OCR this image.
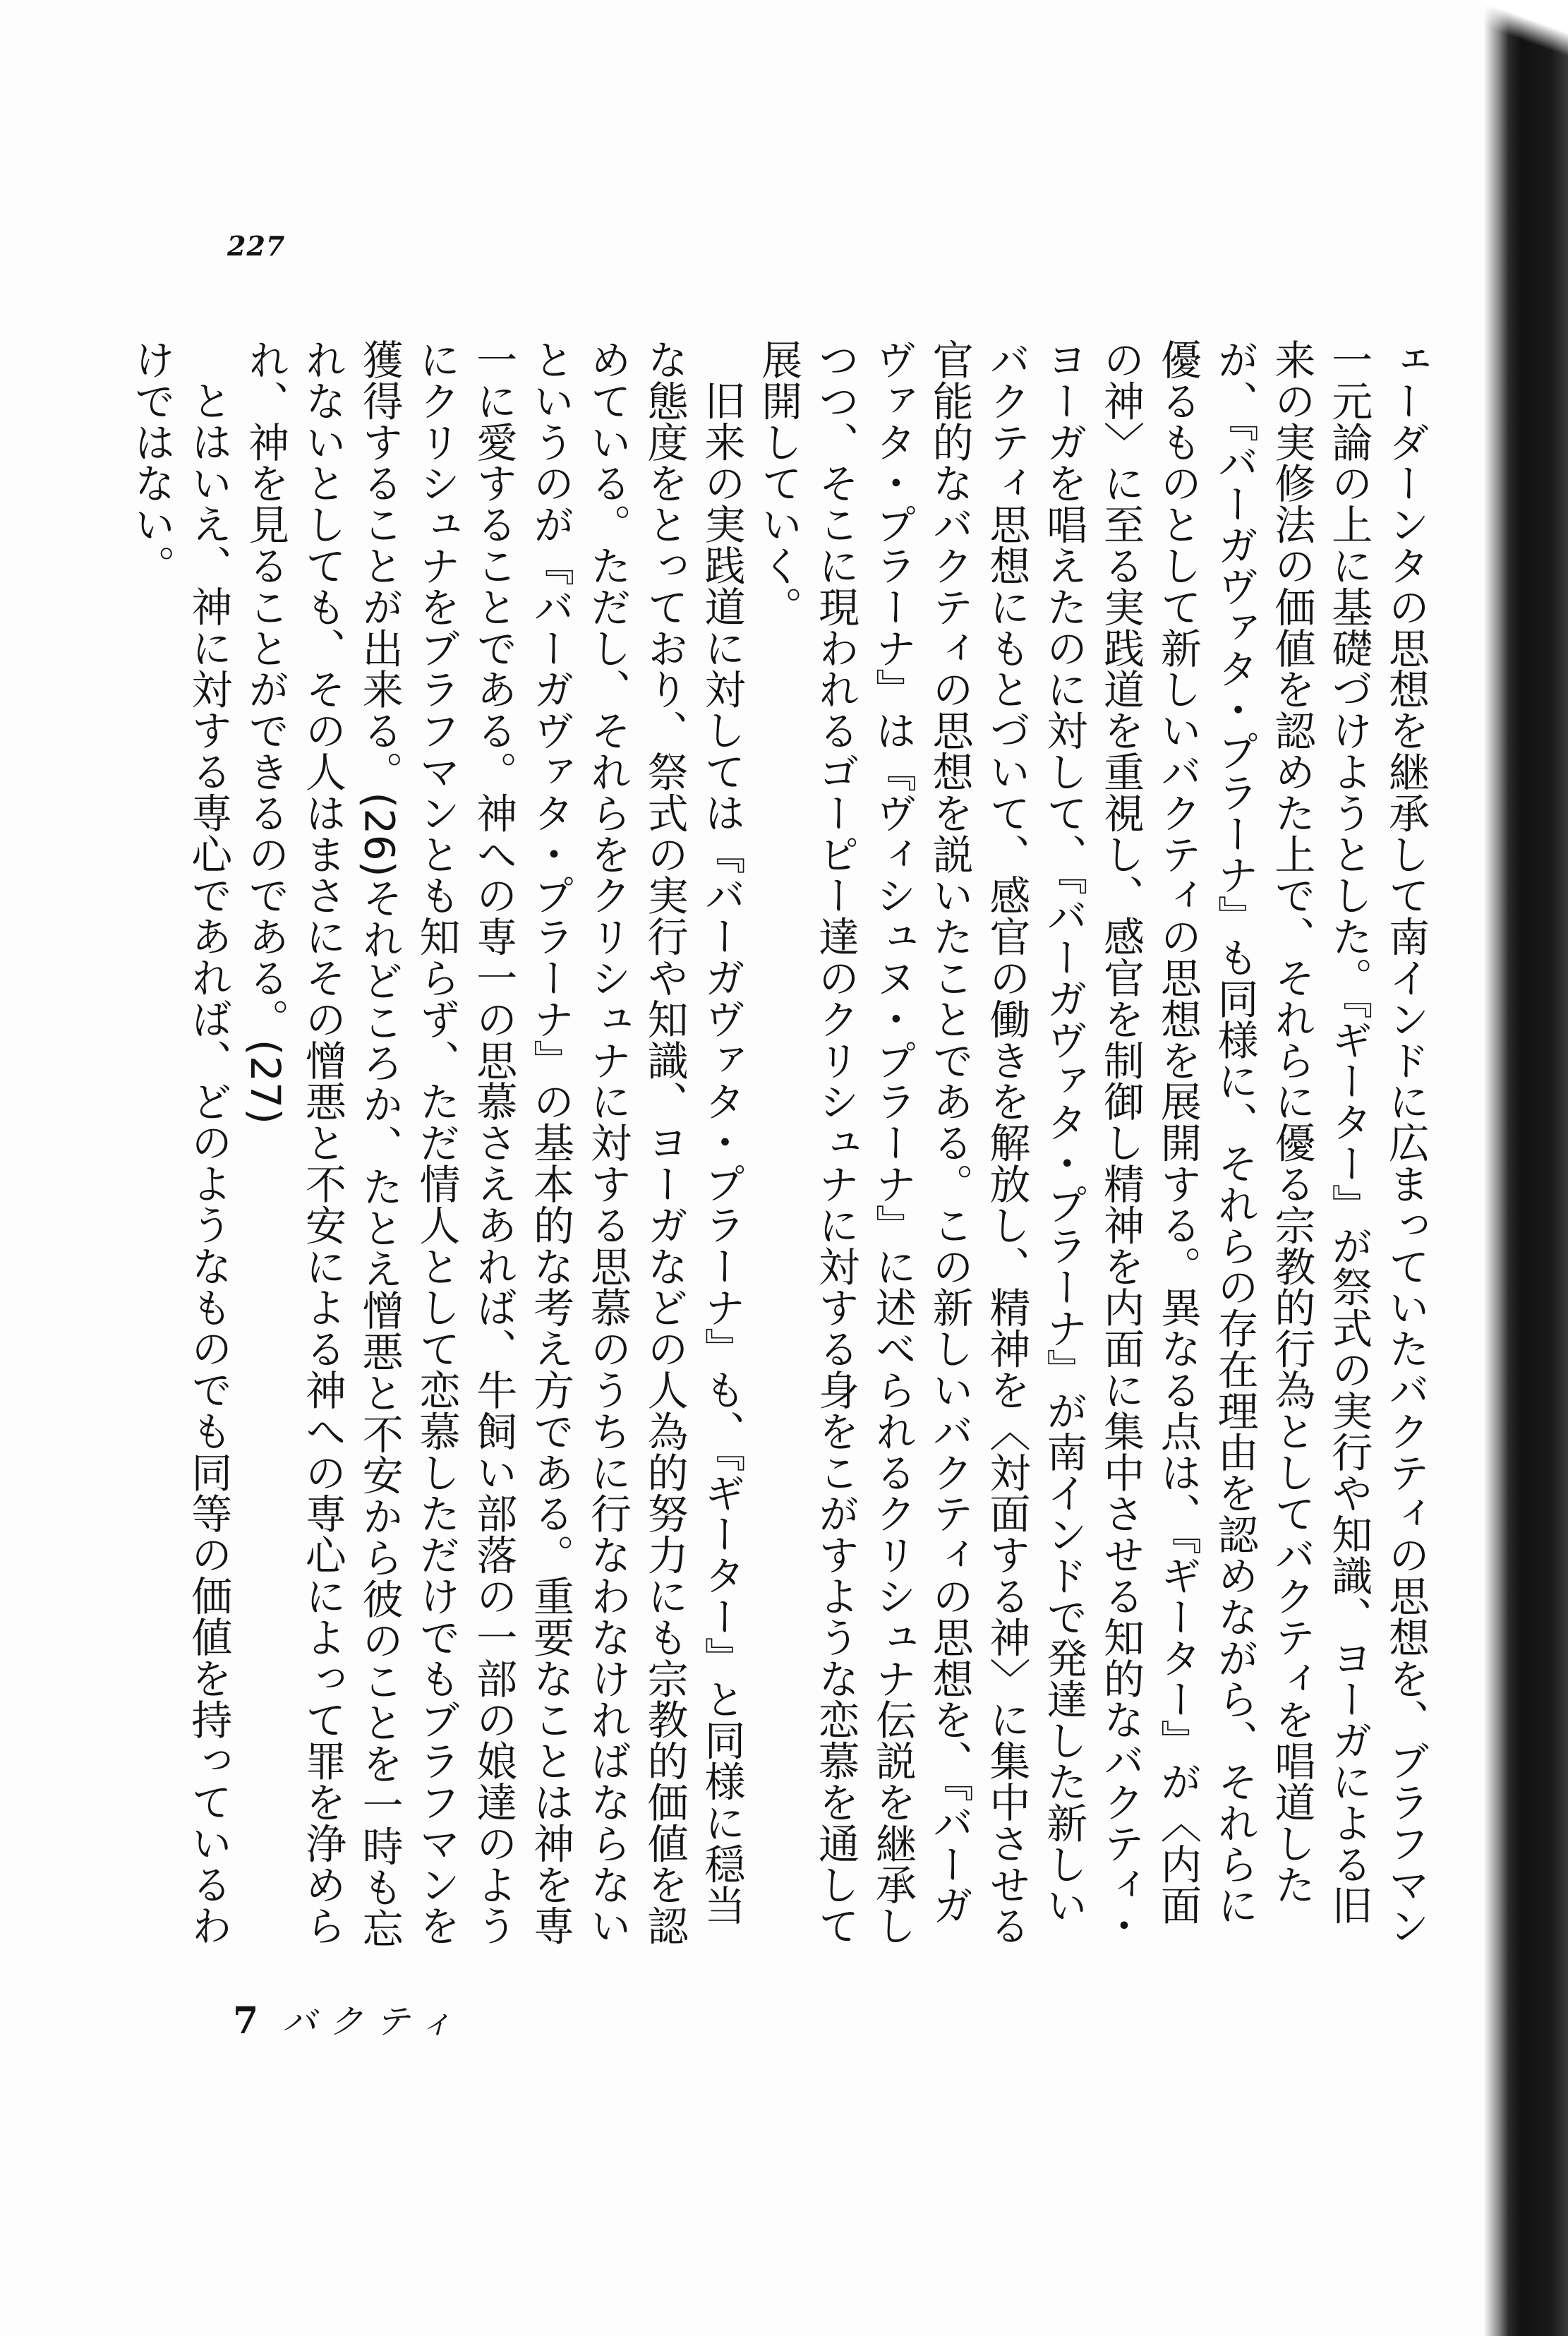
227

ェーダーンタの思想を継承して南インドに広まっていたバクティの思想を、ブラフマン一元論の上に基礎づけようとした。『ギーター』が祭式の実行や知識、ヨーガによる旧来の実修法の価値を認めた上で、それらに優る宗教的行為としてバクティを唱道したが、『バーガヴァタ・プラーナ』も同様に、それらの存在理由を認めながら、それらに優るものとして新しいバクティの思想を展開する。異なる点は、『ギーター』が〈内面の神〉に至る実践道を重視し、感官を制御し精神を内面に集中させる知的なバクティ・ヨーガを唱えたのに対して、『バーガヴァタ・プラーナ』が南インドで発達した新しいバクティ思想にもとづいて、感官の働きを解放し、精神を〈対面する神〉に集中させる官能的なバクティの思想を説いたことである。この新しいバクティの思想を、『バーガヴァタ・プラーナ』は『ヴィシュヌ・プラーナ』に述べられるクリシュナ伝説を継承しつつ、そこに現われるゴーピー達のクリシュナに対する身をこがすような恋慕を通して展開していく。

旧来の実践道に対しては『バーガヴァタ・プラーナ』も、『ギーター』と同様に穏当な態度をとっており、祭式の実行や知識、ヨーガなどの人為的努力にも宗教的価値を認めている。ただし、それらをクリシュナに対する思慕のうちに行なわなければならないというのが『バーガヴァタ・プラーナ』の基本的な考え方である。重要なことは神を専一に愛することである。神への専一の思慕さえあれば、牛飼い部落の一部の娘達のようにクリシュナをブラフマンとも知らず、ただ情人として恋慕しただけでもブラフマンを獲得することが出来る。(26)それどころか、たとえ憎悪と不安から彼のことを一時も忘れないとしても、その人はまさにその憎悪と不安による神への専心によって罪を浄められ、神を見ることができるのである。(27)

とはいえ、神に対する専心であれば、どのようなものでも同等の価値を持っているわけではない。

7 バクティ
